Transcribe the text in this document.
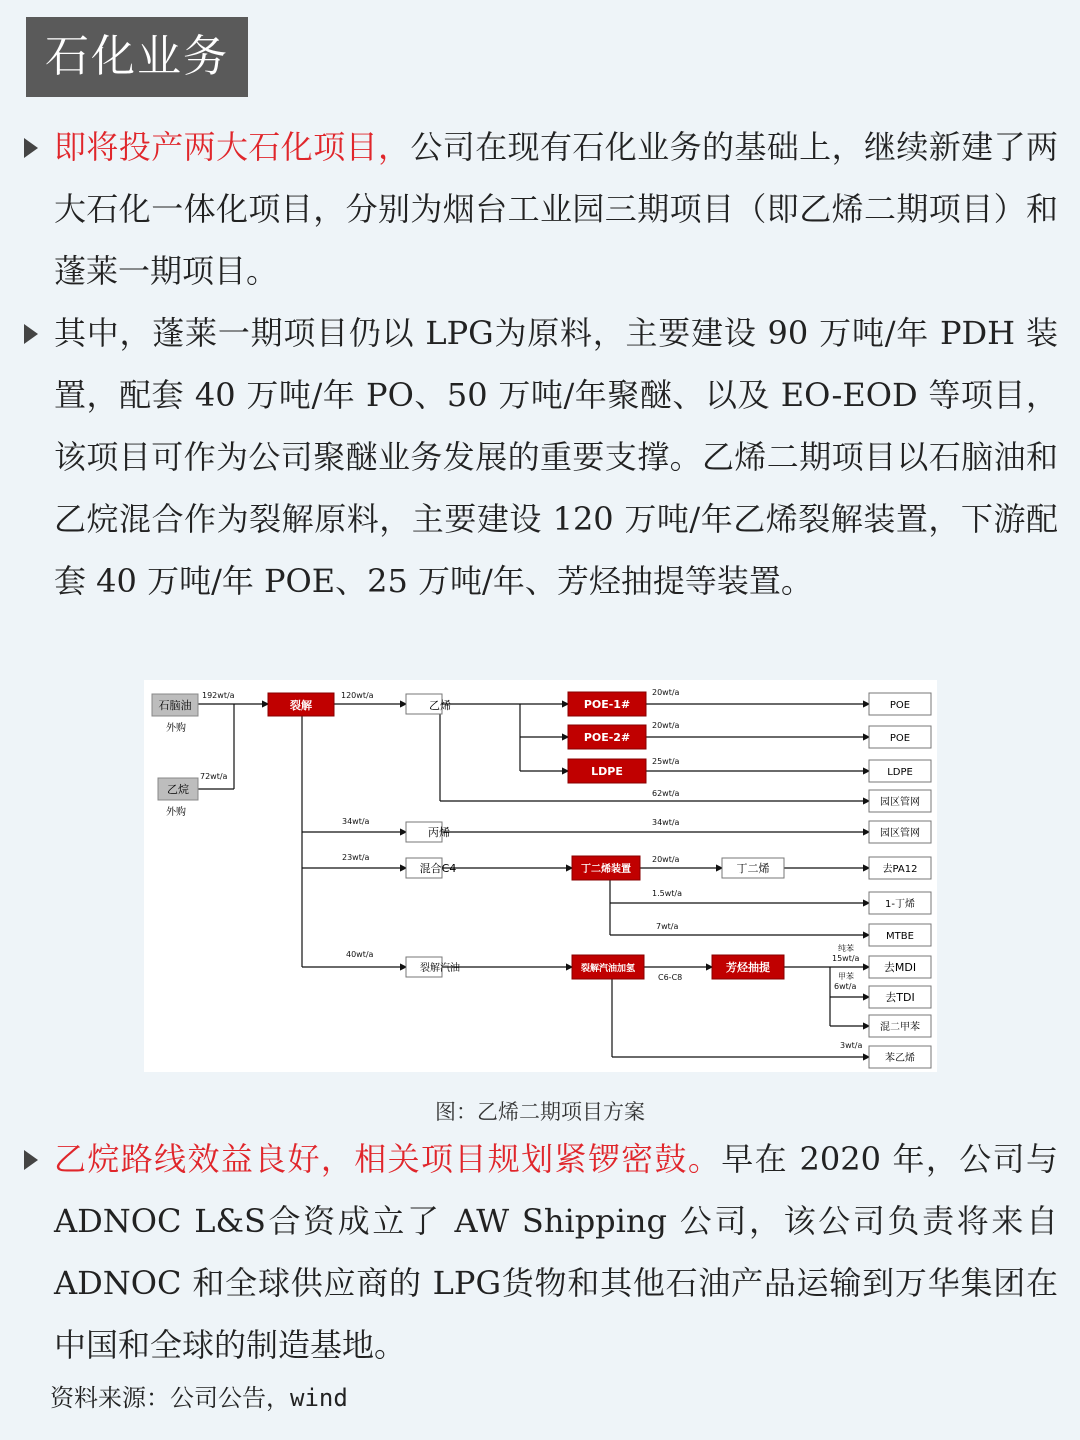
石化业务

即将投产两大石化项目，公司在现有石化业务的基础上，继续新建了两大石化一体化项目，分别为烟台工业园三期项目（即乙烯二期项目）和蓬莱一期项目。

其中，蓬莱一期项目仍以 LPG为原料，主要建设 90 万吨/年 PDH 装置，配套 40 万吨/年 PO、50 万吨/年聚醚、以及 EO-EOD 等项目，该项目可作为公司聚醚业务发展的重要支撑。乙烯二期项目以石脑油和乙烷混合作为裂解原料，主要建设 120 万吨/年乙烯裂解装置，下游配套 40 万吨/年 POE、25 万吨/年、芳烃抽提等装置。

石脑油
外购
乙烷
外购
裂解	乙烯
丙烯
混合C4
裂解汽油
丁二烯
POE
POE
LDPE
园区管网
园区管网
去PA12
1-丁烯
MTBE
去MDI
去TDI
混二甲苯
苯乙烯
POE-1#
POE-2#
LDPE
丁二烯装置
裂解汽油加氢	芳烃抽提
192wt/a
72wt/a
120wt/a	20wt/a
20wt/a
25wt/a
62wt/a
34wt/a	34wt/a
23wt/a	20wt/a
1.5wt/a
7wt/a
40wt/a
C6-C8
纯苯
15wt/a
甲苯
6wt/a
3wt/a
图：乙烯二期项目方案

乙烷路线效益良好，相关项目规划紧锣密鼓。早在 2020 年，公司与 ADNOC L&S合资成立了 AW Shipping 公司，该公司负责将来自 ADNOC 和全球供应商的 LPG货物和其他石油产品运输到万华集团在中国和全球的制造基地。

资料来源：公司公告，wind
